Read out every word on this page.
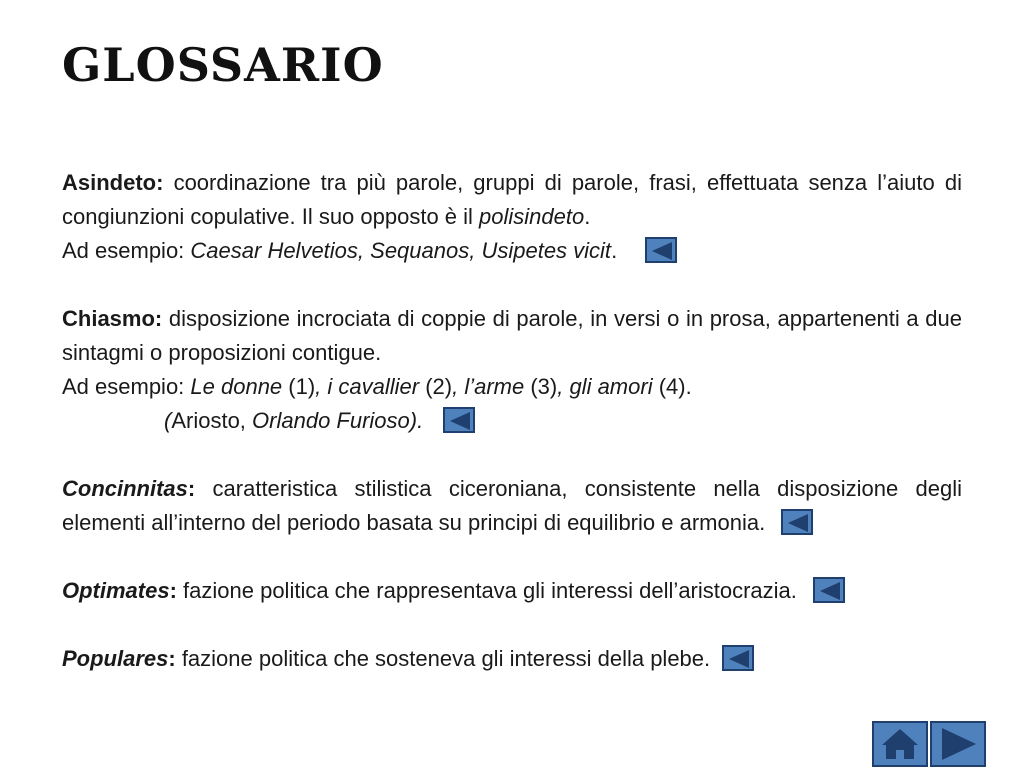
GLOSSARIO

Asindeto: coordinazione tra più parole, gruppi di parole, frasi, effettuata senza l’aiuto di congiunzioni copulative. Il suo opposto è il polisindeto.

Ad esempio: Caesar Helvetios, Sequanos, Usipetes vicit.

Chiasmo: disposizione incrociata di coppie di parole, in versi o in prosa, appartenenti a due sintagmi o proposizioni contigue.

Ad esempio: Le donne (1), i cavallier (2), l’arme (3), gli amori (4).

(Ariosto, Orlando Furioso).

Concinnitas: caratteristica stilistica ciceroniana, consistente nella disposizione degli elementi all’interno del periodo basata su principi di equilibrio e armonia.

Optimates: fazione politica che rappresentava gli interessi dell’aristocrazia.

Populares: fazione politica che sosteneva gli interessi della plebe.
